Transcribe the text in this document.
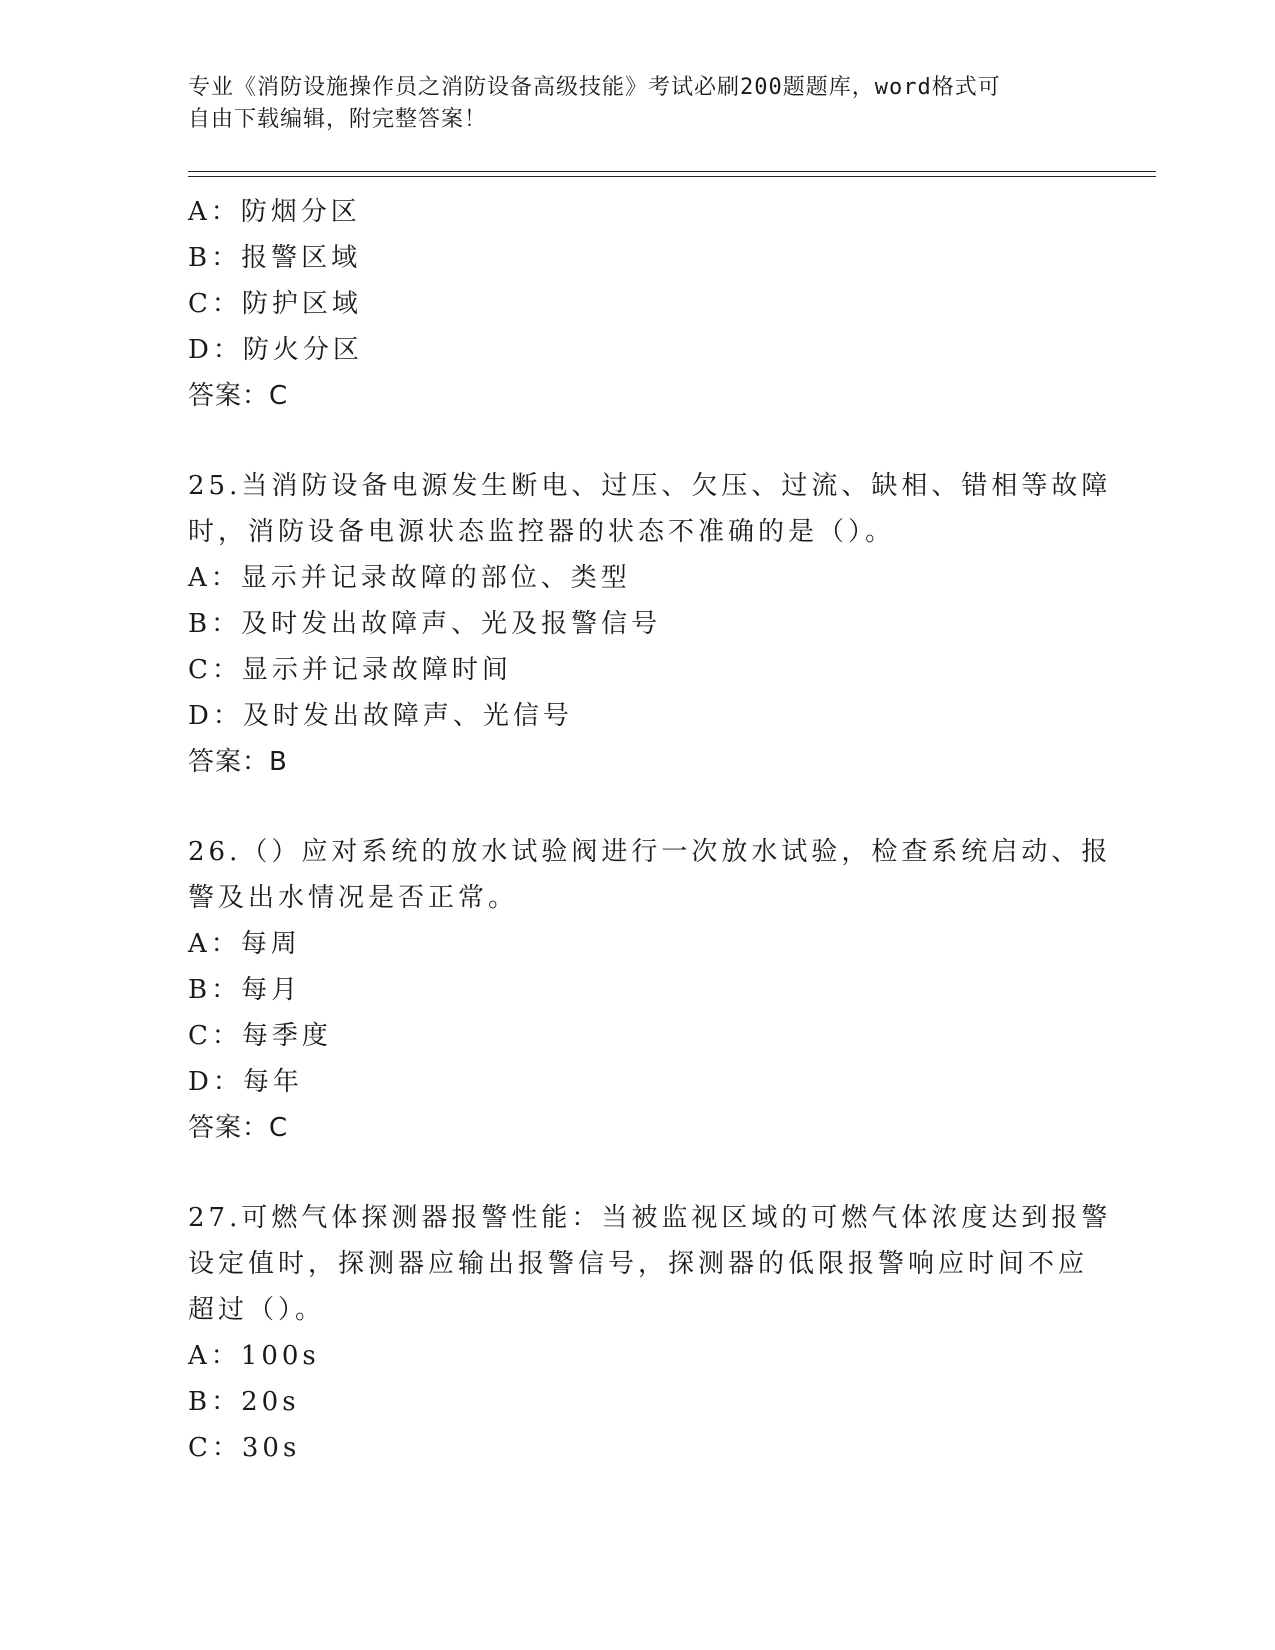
专业《消防设施操作员之消防设备高级技能》考试必刷200题题库，word格式可
自由下载编辑，附完整答案！
A：防烟分区
B：报警区域
C：防护区域
D：防火分区
答案：C
25.当消防设备电源发生断电、过压、欠压、过流、缺相、错相等故障
时，消防设备电源状态监控器的状态不准确的是（）。
A：显示并记录故障的部位、类型
B：及时发出故障声、光及报警信号
C：显示并记录故障时间
D：及时发出故障声、光信号
答案：B
26.（）应对系统的放水试验阀进行一次放水试验，检查系统启动、报
警及出水情况是否正常。
A：每周
B：每月
C：每季度
D：每年
答案：C
27.可燃气体探测器报警性能：当被监视区域的可燃气体浓度达到报警
设定值时，探测器应输出报警信号，探测器的低限报警响应时间不应
超过（）。
A：100s
B：20s
C：30s
